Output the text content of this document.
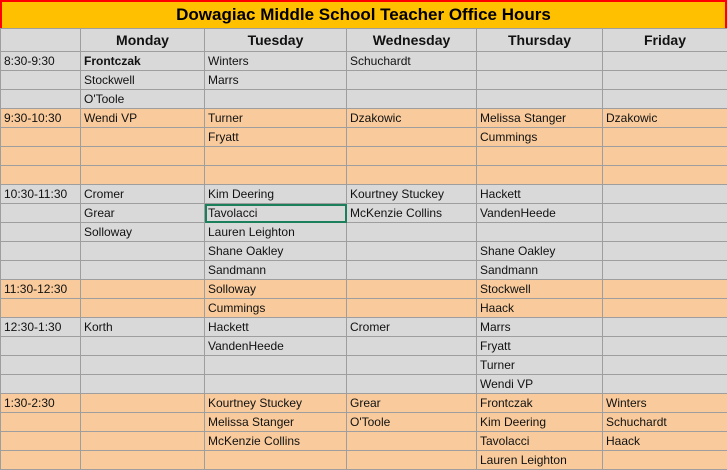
Dowagiac Middle School Teacher Office Hours
	Monday	Tuesday	Wednesday	Thursday	Friday
8:30-9:30	Frontczak	Winters	Schuchardt		
	Stockwell	Marrs			
	O'Toole				
9:30-10:30	Wendi VP	Turner	Dzakowic	Melissa Stanger	Dzakowic
		Fryatt		Cummings	

10:30-11:30	Cromer	Kim Deering	Kourtney Stuckey	Hackett	
	Grear	Tavolacci	McKenzie Collins	VandenHeede	
	Solloway	Lauren Leighton			
		Shane Oakley		Shane Oakley	
		Sandmann		Sandmann	
11:30-12:30		Solloway		Stockwell	
		Cummings		Haack	
12:30-1:30	Korth	Hackett	Cromer	Marrs	
		VandenHeede		Fryatt	
				Turner	
				Wendi VP	
1:30-2:30		Kourtney Stuckey	Grear	Frontczak	Winters
		Melissa Stanger	O'Toole	Kim Deering	Schuchardt
		McKenzie Collins		Tavolacci	Haack
				Lauren Leighton	
